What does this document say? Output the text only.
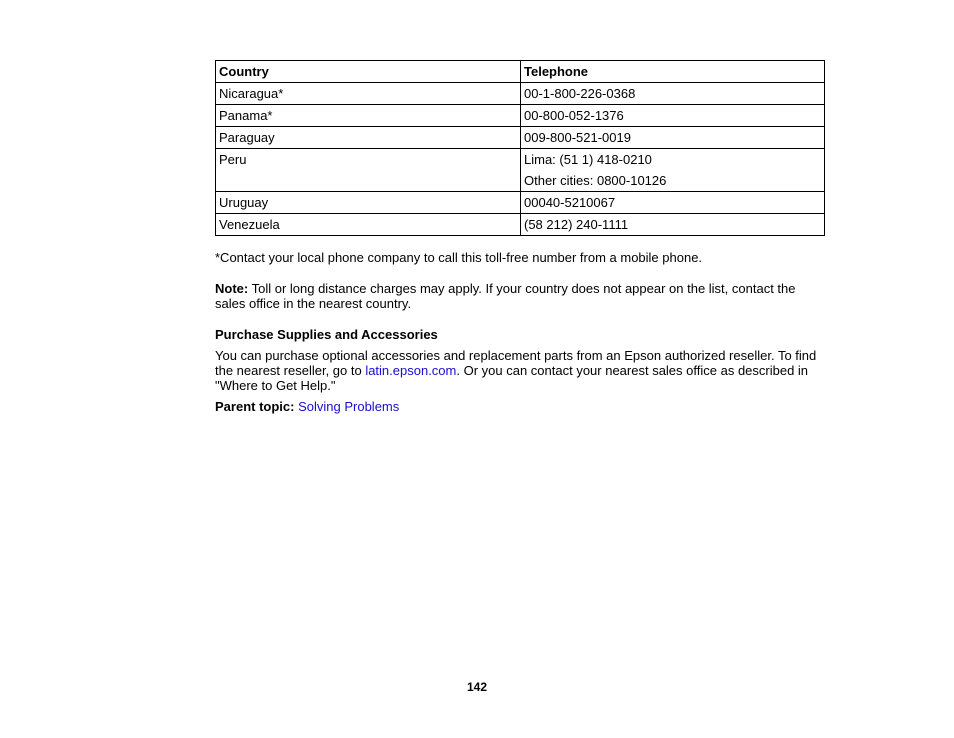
Country	Telephone
Nicaragua*	00-1-800-226-0368
Panama*	00-800-052-1376
Paraguay	009-800-521-0019
Peru	Lima: (51 1) 418-0210
Other cities: 0800-10126

Uruguay	00040-5210067
Venezuela	(58 212) 240-1111
*Contact your local phone company to call this toll-free number from a mobile phone.
Note: Toll or long distance charges may apply. If your country does not appear on the list, contact the sales office in the nearest country.
Purchase Supplies and Accessories
You can purchase optional accessories and replacement parts from an Epson authorized reseller. To find the nearest reseller, go to latin.epson.com. Or you can contact your nearest sales office as described in "Where to Get Help."
Parent topic: Solving Problems
142
